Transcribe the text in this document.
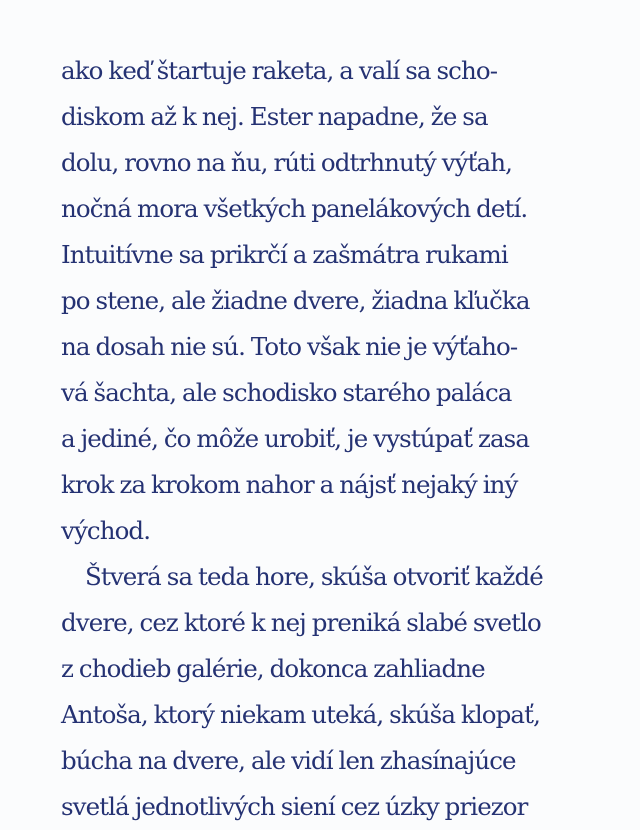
ako keď štartuje raketa, a valí sa scho-
diskom až k nej. Ester napadne, že sa
dolu, rovno na ňu, rúti odtrhnutý výťah,
nočná mora všetkých panelákových detí.
Intuitívne sa prikrčí a zašmátra rukami
po stene, ale žiadne dvere, žiadna kľučka
na dosah nie sú. Toto však nie je výťaho-
vá šachta, ale schodisko starého paláca
a jediné, čo môže urobiť, je vystúpať zasa
krok za krokom nahor a nájsť nejaký iný
východ.
Štverá sa teda hore, skúša otvoriť každé
dvere, cez ktoré k nej preniká slabé svetlo
z chodieb galérie, dokonca zahliadne
Antoša, ktorý niekam uteká, skúša klopať,
búcha na dvere, ale vidí len zhasínajúce
svetlá jednotlivých siení cez úzky priezor
